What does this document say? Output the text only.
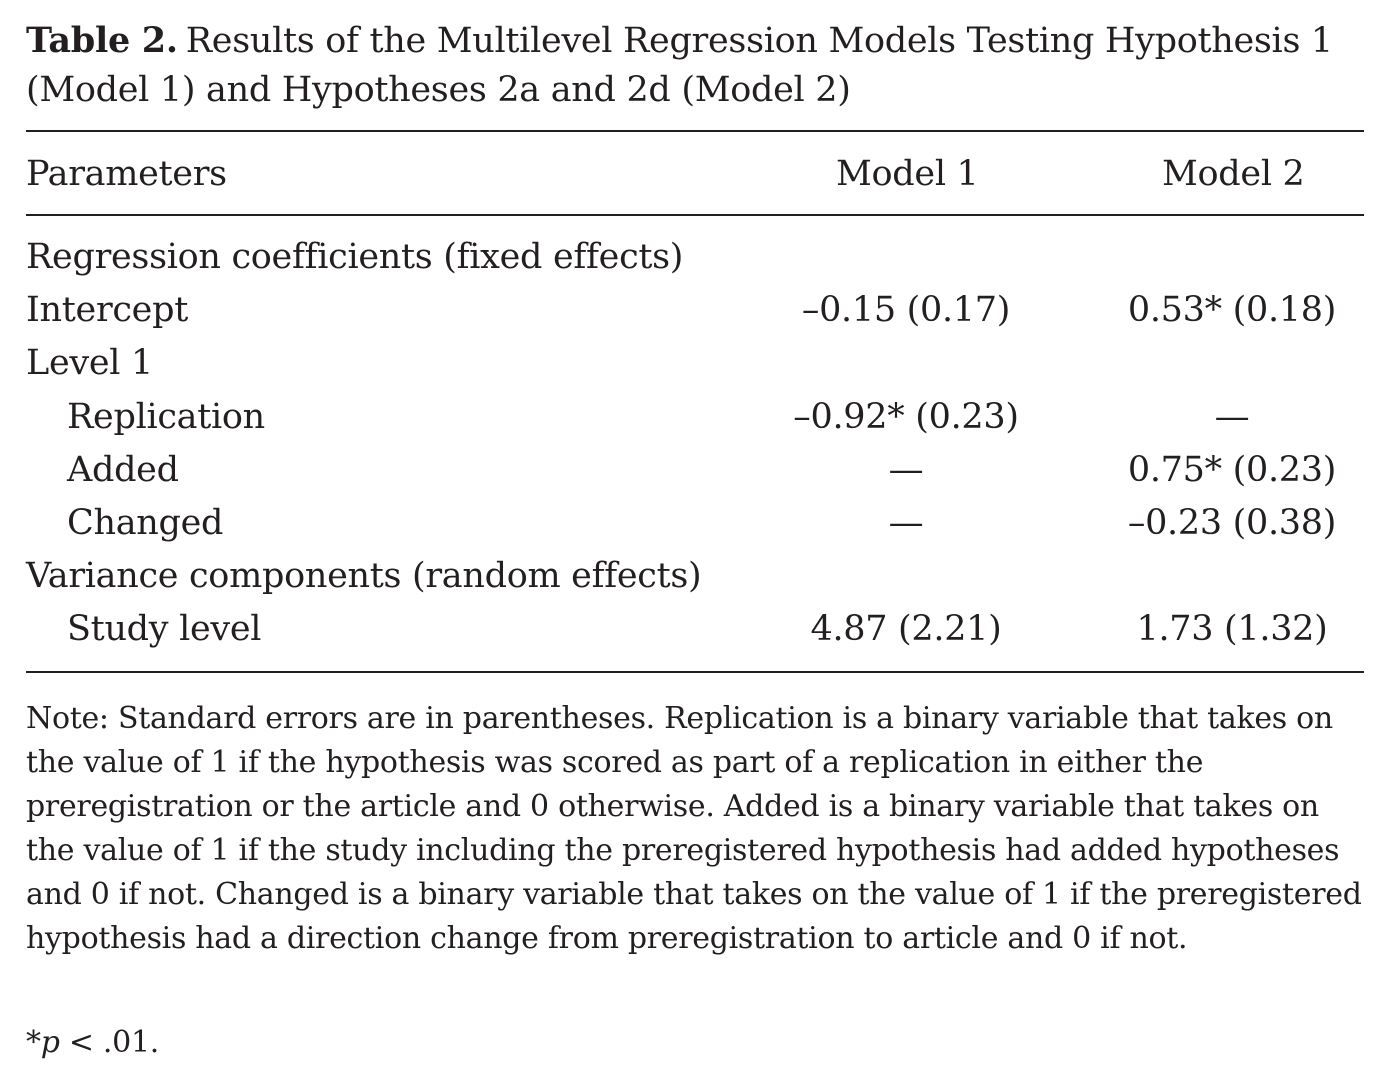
Table 2. Results of the Multilevel Regression Models Testing Hypothesis 1 (Model 1) and Hypotheses 2a and 2d (Model 2)

Parameters	Model 1	Model 2
Regression coefficients (fixed effects)
Intercept	–0.15 (0.17)	0.53* (0.18)
Level 1
Replication	–0.92* (0.23)	—
Added	—	0.75* (0.23)
Changed	—	–0.23 (0.38)
Variance components (random effects)
Study level	4.87 (2.21)	1.73 (1.32)

Note: Standard errors are in parentheses. Replication is a binary variable that takes on the value of 1 if the hypothesis was scored as part of a replication in either the preregistration or the article and 0 otherwise. Added is a binary variable that takes on the value of 1 if the study including the preregistered hypothesis had added hypotheses and 0 if not. Changed is a binary variable that takes on the value of 1 if the preregistered hypothesis had a direction change from preregistration to article and 0 if not.

*p < .01.
